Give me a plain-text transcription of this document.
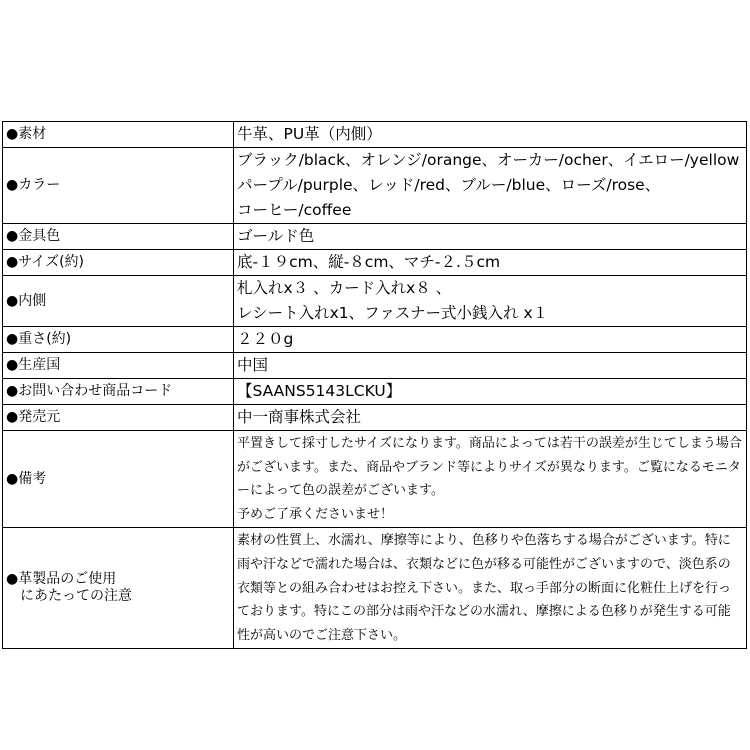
●素材	牛革、PU革（内側）

●カラー	ブラック/black、オレンジ/orange、オーカー/ocher、イエロー/yellow
パープル/purple、レッド/red、ブルー/blue、ローズ/rose、
コーヒー/coffee

●金具色	ゴールド色

●サイズ(約)	底-１９cm、縦-８cm、マチ-２.５cm

●内側	札入れx３ 、カード入れx８ 、
レシート入れx1、ファスナー式小銭入れ x１

●重さ(約)	２２０g

●生産国	中国

●お問い合わせ商品コード	【SAANS5143LCKU】

●発売元	中一商事株式会社

●備考	平置きして採寸したサイズになります。商品によっては若干の誤差が生じてしまう場合がございます。また、商品やブランド等によりサイズが異なります。ご覧になるモニターによって色の誤差がございます。
予めご了承くださいませ！

●革製品のご使用
にあたっての注意	素材の性質上、水濡れ、摩擦等により、色移りや色落ちする場合がございます。特に雨や汗などで濡れた場合は、衣類などに色が移る可能性がございますので、淡色系の衣類等との組み合わせはお控え下さい。また、取っ手部分の断面に化粧仕上げを行っております。特にこの部分は雨や汗などの水濡れ、摩擦による色移りが発生する可能性が高いのでご注意下さい。
